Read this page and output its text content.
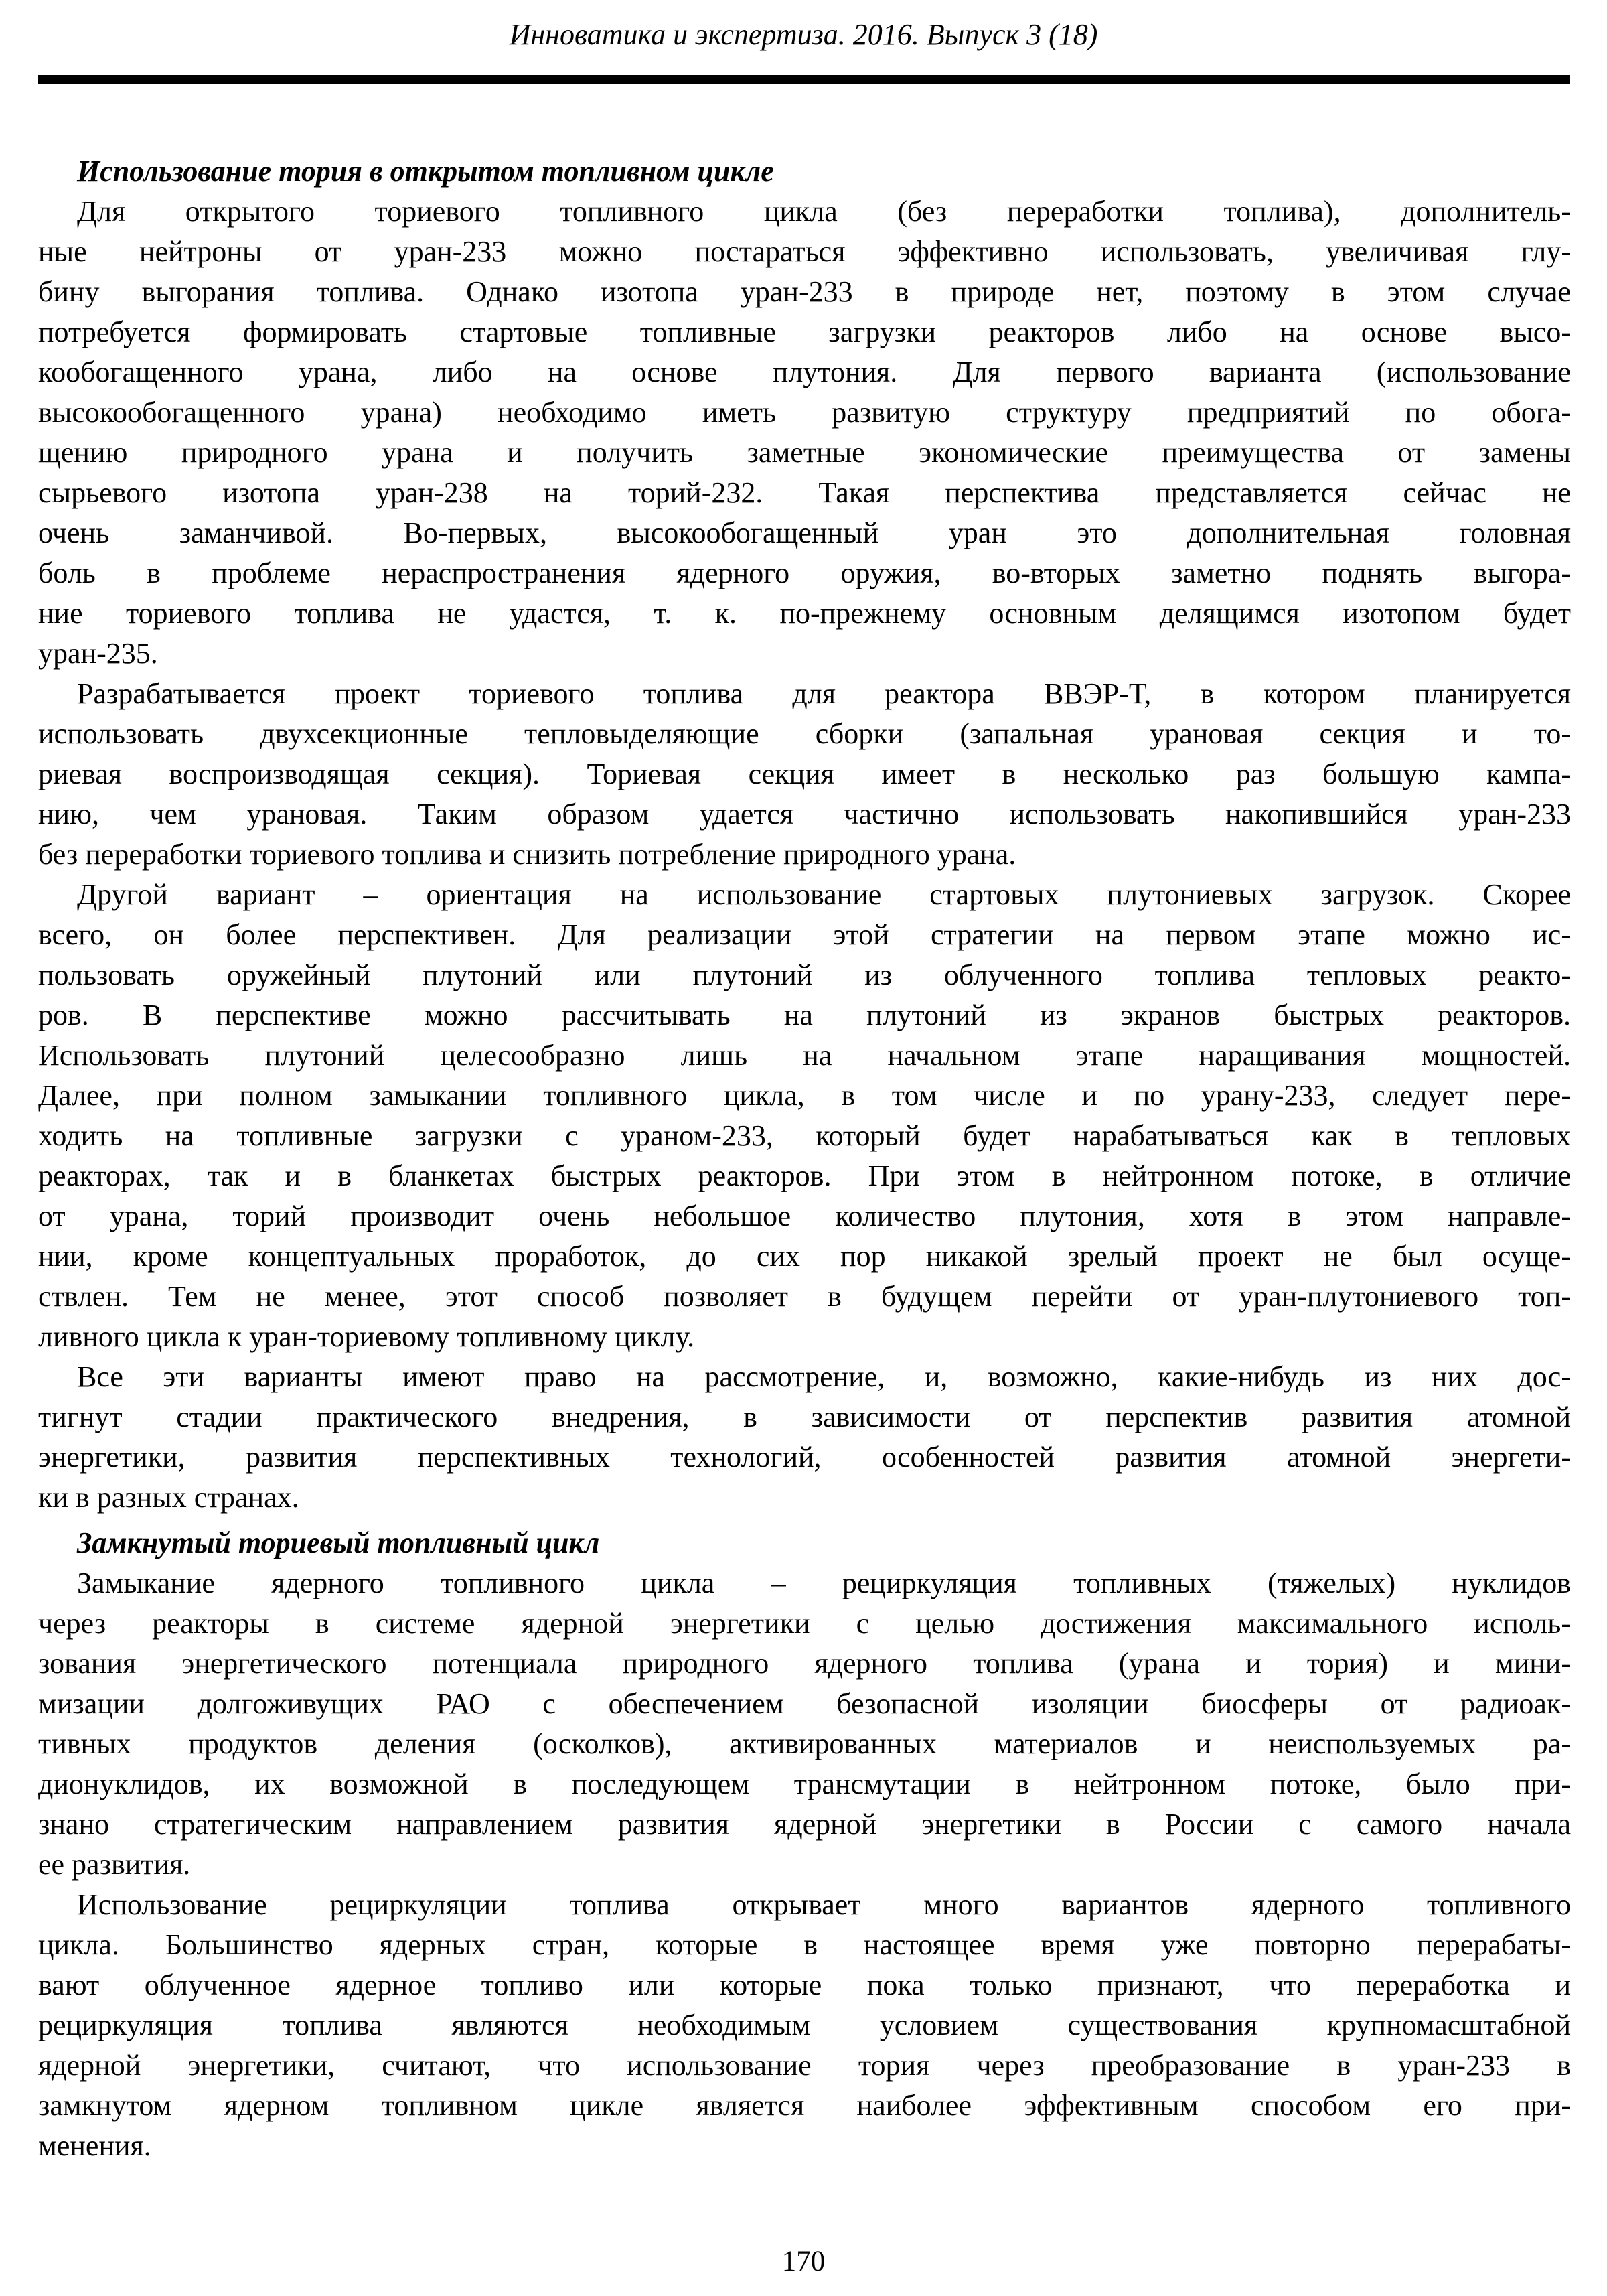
Инноватика и экспертиза. 2016. Выпуск 3 (18)
Использование тория в открытом топливном цикле
Для открытого ториевого топливного цикла (без переработки топлива), дополнитель-
ные нейтроны от уран-233 можно постараться эффективно использовать, увеличивая глу-
бину выгорания топлива. Однако изотопа уран-233 в природе нет, поэтому в этом случае
потребуется формировать стартовые топливные загрузки реакторов либо на основе высо-
кообогащенного урана, либо на основе плутония. Для первого варианта (использование
высокообогащенного урана) необходимо иметь развитую структуру предприятий по обога-
щению природного урана и получить заметные экономические преимущества от замены
сырьевого изотопа уран-238 на торий-232. Такая перспектива представляется сейчас не
очень заманчивой. Во-первых, высокообогащенный уран это дополнительная головная
боль в проблеме нераспространения ядерного оружия, во-вторых заметно поднять выгора-
ние ториевого топлива не удастся, т. к. по-прежнему основным делящимся изотопом будет
уран-235.
Разрабатывается проект ториевого топлива для реактора ВВЭР-Т, в котором планируется
использовать двухсекционные тепловыделяющие сборки (запальная урановая секция и то-
риевая воспроизводящая секция). Ториевая секция имеет в несколько раз большую кампа-
нию, чем урановая. Таким образом удается частично использовать накопившийся уран-233
без переработки ториевого топлива и снизить потребление природного урана.
Другой вариант – ориентация на использование стартовых плутониевых загрузок. Скорее
всего, он более перспективен. Для реализации этой стратегии на первом этапе можно ис-
пользовать оружейный плутоний или плутоний из облученного топлива тепловых реакто-
ров. В перспективе можно рассчитывать на плутоний из экранов быстрых реакторов.
Использовать плутоний целесообразно лишь на начальном этапе наращивания мощностей.
Далее, при полном замыкании топливного цикла, в том числе и по урану-233, следует пере-
ходить на топливные загрузки с ураном-233, который будет нарабатываться как в тепловых
реакторах, так и в бланкетах быстрых реакторов. При этом в нейтронном потоке, в отличие
от урана, торий производит очень небольшое количество плутония, хотя в этом направле-
нии, кроме концептуальных проработок, до сих пор никакой зрелый проект не был осуще-
ствлен. Тем не менее, этот способ позволяет в будущем перейти от уран-плутониевого топ-
ливного цикла к уран-ториевому топливному циклу.
Все эти варианты имеют право на рассмотрение, и, возможно, какие-нибудь из них дос-
тигнут стадии практического внедрения, в зависимости от перспектив развития атомной
энергетики, развития перспективных технологий, особенностей развития атомной энергети-
ки в разных странах.
Замкнутый ториевый топливный цикл
Замыкание ядерного топливного цикла – рециркуляция топливных (тяжелых) нуклидов
через реакторы в системе ядерной энергетики с целью достижения максимального исполь-
зования энергетического потенциала природного ядерного топлива (урана и тория) и мини-
мизации долгоживущих РАО с обеспечением безопасной изоляции биосферы от радиоак-
тивных продуктов деления (осколков), активированных материалов и неиспользуемых ра-
дионуклидов, их возможной в последующем трансмутации в нейтронном потоке, было при-
знано стратегическим направлением развития ядерной энергетики в России с самого начала
ее развития.
Использование рециркуляции топлива открывает много вариантов ядерного топливного
цикла. Большинство ядерных стран, которые в настоящее время уже повторно перерабаты-
вают облученное ядерное топливо или которые пока только признают, что переработка и
рециркуляция топлива являются необходимым условием существования крупномасштабной
ядерной энергетики, считают, что использование тория через преобразование в уран-233 в
замкнутом ядерном топливном цикле является наиболее эффективным способом его при-
менения.
170
